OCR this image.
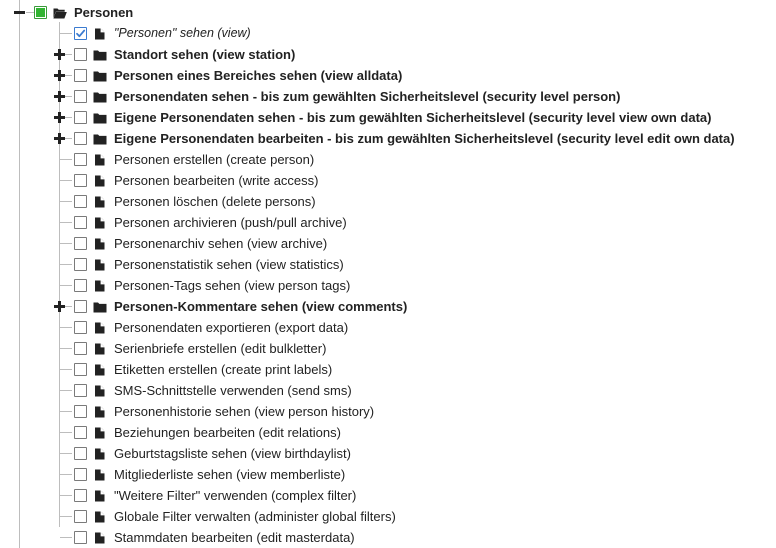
Personen
"Personen" sehen (view)
Standort sehen (view station)
Personen eines Bereiches sehen (view alldata)
Personendaten sehen - bis zum gewählten Sicherheitslevel (security level person)
Eigene Personendaten sehen - bis zum gewählten Sicherheitslevel (security level view own data)
Eigene Personendaten bearbeiten - bis zum gewählten Sicherheitslevel (security level edit own data)
Personen erstellen (create person)
Personen bearbeiten (write access)
Personen löschen (delete persons)
Personen archivieren (push/pull archive)
Personenarchiv sehen (view archive)
Personenstatistik sehen (view statistics)
Personen-Tags sehen (view person tags)
Personen-Kommentare sehen (view comments)
Personendaten exportieren (export data)
Serienbriefe erstellen (edit bulkletter)
Etiketten erstellen (create print labels)
SMS-Schnittstelle verwenden (send sms)
Personenhistorie sehen (view person history)
Beziehungen bearbeiten (edit relations)
Geburtstagsliste sehen (view birthdaylist)
Mitgliederliste sehen (view memberliste)
"Weitere Filter" verwenden (complex filter)
Globale Filter verwalten (administer global filters)
Stammdaten bearbeiten (edit masterdata)
